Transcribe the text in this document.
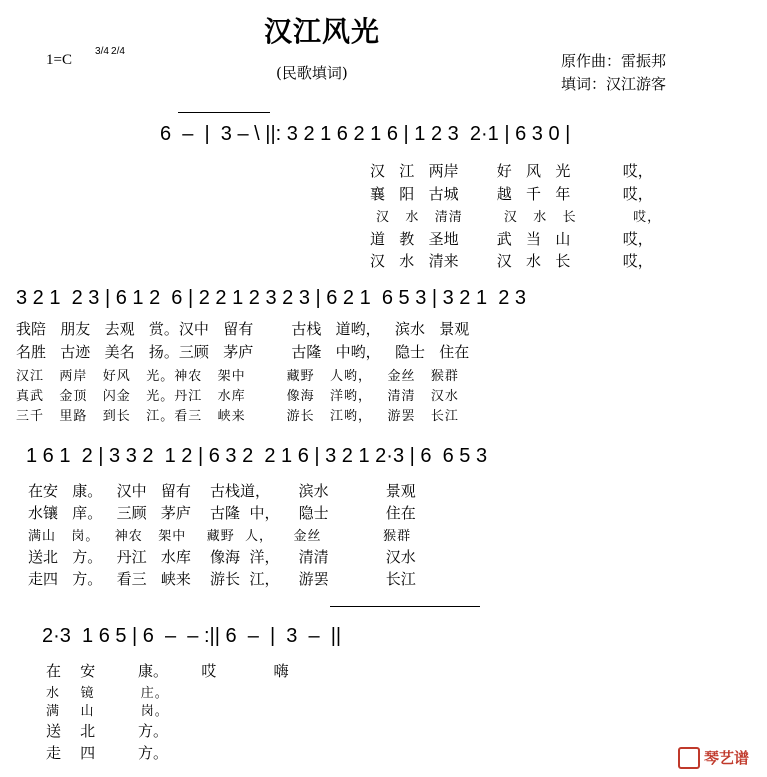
汉江风光
1=C
3/4 2/4
(民歌填词)
原作曲：雷振邦
填词：汉江游客
6  –  |  3 – \ ||: 3 2 1 6 2 1 6 | 1 2 3  2·1 | 6 3 0 |
汉   江   两岸        好   风   光           哎，
襄   阳   古城        越   千   年           哎，
汉   水   清清        汉   水   长           哎，
道   教   圣地        武   当   山           哎，
汉   水   清来        汉   水   长           哎，
3 2 1  2 3 | 6 1 2  6 | 2 2 1 2 3 2 3 | 6 2 1  6 5 3 | 3 2 1  2 3
我陪   朋友   去观   赏。汉中   留有        古栈   道哟，   滨水   景观
名胜   古迹   美名   扬。三顾   茅庐        古隆   中哟，   隐士   住在
汉江   两岸   好风   光。神农   架中        藏野   人哟，   金丝   猴群
真武   金顶   闪金   光。丹江   水库        像海   洋哟，   清清   汉水
三千   里路   到长   江。看三   峡来        游长   江哟，   游罢   长江
1 6 1  2 | 3 3 2  1 2 | 6 3 2  2 1 6 | 3 2 1 2·3 | 6  6 5 3
在安   康。   汉中   留有    古栈道，      滨水            景观
水镶   庠。   三顾   茅庐    古隆  中，    隐士            住在
满山   岗。   神农   架中    藏野  人，    金丝            猴群
送北   方。   丹江   水库    像海  洋，    清清            汉水
走四   方。   看三   峡来    游长  江，    游罢            长江
2·3  1 6 5 | 6  –  – :|| 6  –  |  3  –  ||
在    安         康。       哎            嗨
水    镜         庄。
满    山         岗。
送    北         方。
走    四         方。	琴艺谱
